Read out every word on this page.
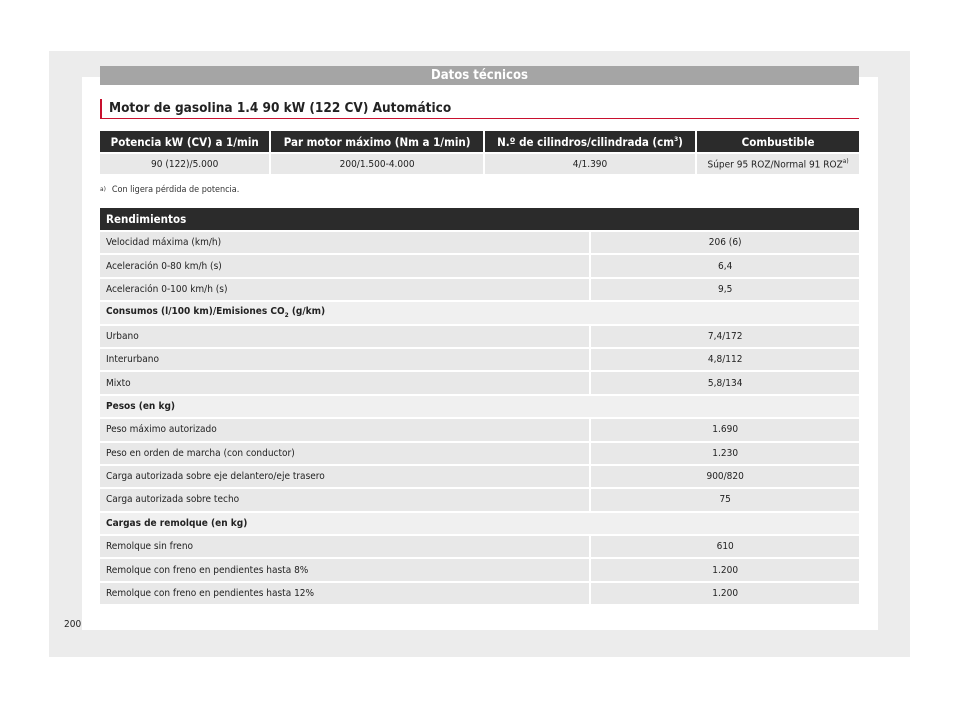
Datos técnicos
Motor de gasolina 1.4 90 kW (122 CV) Automático
Potencia kW (CV) a 1/min	Par motor máximo (Nm a 1/min)	N.º de cilindros/cilindrada $(cm^3)$	Combustible
90 (122)/5.000	200/1.500-4.000	4/1.390	Súper 95 ROZ/Normal 91 ROZ$^{a)}$
$^{a)}$ Con ligera pérdida de potencia.
Rendimientos	
Velocidad máxima (km/h)	206 (6)
Aceleración 0-80 km/h (s)	6,4
Aceleración 0-100 km/h (s)	9,5
Consumos (l/100 km)/Emisiones $CO_2$ (g/km)	
Urbano	7,4/172
Interurbano	4,8/112
Mixto	5,8/134
Pesos (en kg)	
Peso máximo autorizado	1.690
Peso en orden de marcha (con conductor)	1.230
Carga autorizada sobre eje delantero/eje trasero	900/820
Carga autorizada sobre techo	75
Cargas de remolque (en kg)	
Remolque sin freno	610
Remolque con freno en pendientes hasta 8%	1.200
Remolque con freno en pendientes hasta 12%	1.200
200
